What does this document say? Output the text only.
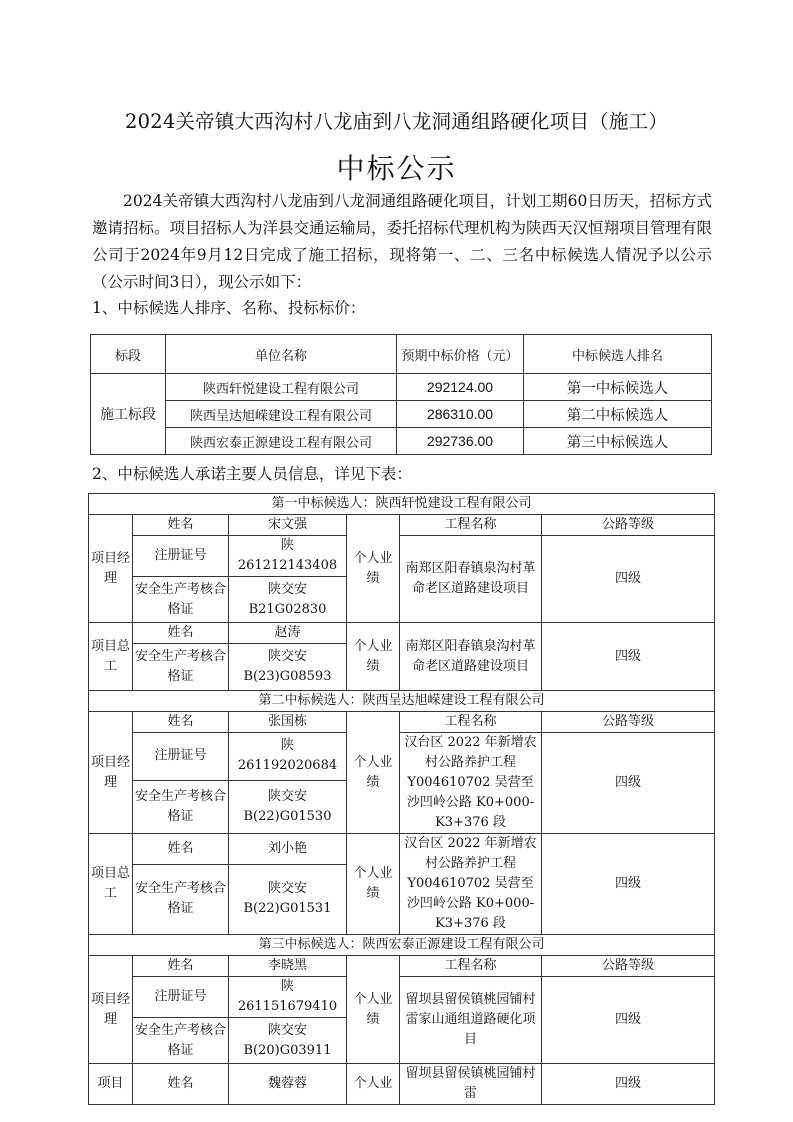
2024关帝镇大西沟村八龙庙到八龙洞通组路硬化项目（施工）
中标公示
2024关帝镇大西沟村八龙庙到八龙洞通组路硬化项目，计划工期60日历天，招标方式邀请招标。项目招标人为洋县交通运输局，委托招标代理机构为陕西天汉恒翔项目管理有限公司于2024年9月12日完成了施工招标，现将第一、二、三名中标候选人情况予以公示（公示时间3日），现公示如下：
1、中标候选人排序、名称、投标标价：
标段	单位名称	预期中标价格（元）	中标候选人排名
施工标段	陕西轩悦建设工程有限公司	292124.00	第一中标候选人
	陕西呈达旭嵘建设工程有限公司	286310.00	第二中标候选人
	陕西宏泰正源建设工程有限公司	292736.00	第三中标候选人
2、中标候选人承诺主要人员信息，详见下表：
第一中标候选人：陕西轩悦建设工程有限公司					
项目经理	姓名	宋文强	个人业绩	工程名称	公路等级
	注册证号	陕 261212143408		南郑区阳春镇泉沟村革命老区道路建设项目	四级
	安全生产考核合格证	陕交安 B21G02830			
项目总工	姓名	赵涛	个人业绩	南郑区阳春镇泉沟村革命老区道路建设项目	四级
	安全生产考核合格证	陕交安 B(23)G08593			
第二中标候选人：陕西呈达旭嵘建设工程有限公司					
项目经理	姓名	张国栋	个人业绩	工程名称	公路等级
	注册证号	陕 261192020684		汉台区 2022 年新增农村公路养护工程 Y004610702 吴营至沙凹岭公路 K0+000-K3+376 段	四级
	安全生产考核合格证	陕交安 B(22)G01530			
项目总工	姓名	刘小艳	个人业绩	汉台区 2022 年新增农村公路养护工程 Y004610702 吴营至沙凹岭公路 K0+000-K3+376 段	四级
	安全生产考核合格证	陕交安 B(22)G01531			
第三中标候选人：陕西宏泰正源建设工程有限公司					
项目经理	姓名	李晓黑	个人业绩	工程名称	公路等级
	注册证号	陕 261151679410		留坝县留侯镇桃园铺村雷家山通组道路硬化项目	四级
	安全生产考核合格证	陕交安 B(20)G03911			
项目	姓名	魏蓉蓉	个人业	留坝县留侯镇桃园铺村雷	四级
